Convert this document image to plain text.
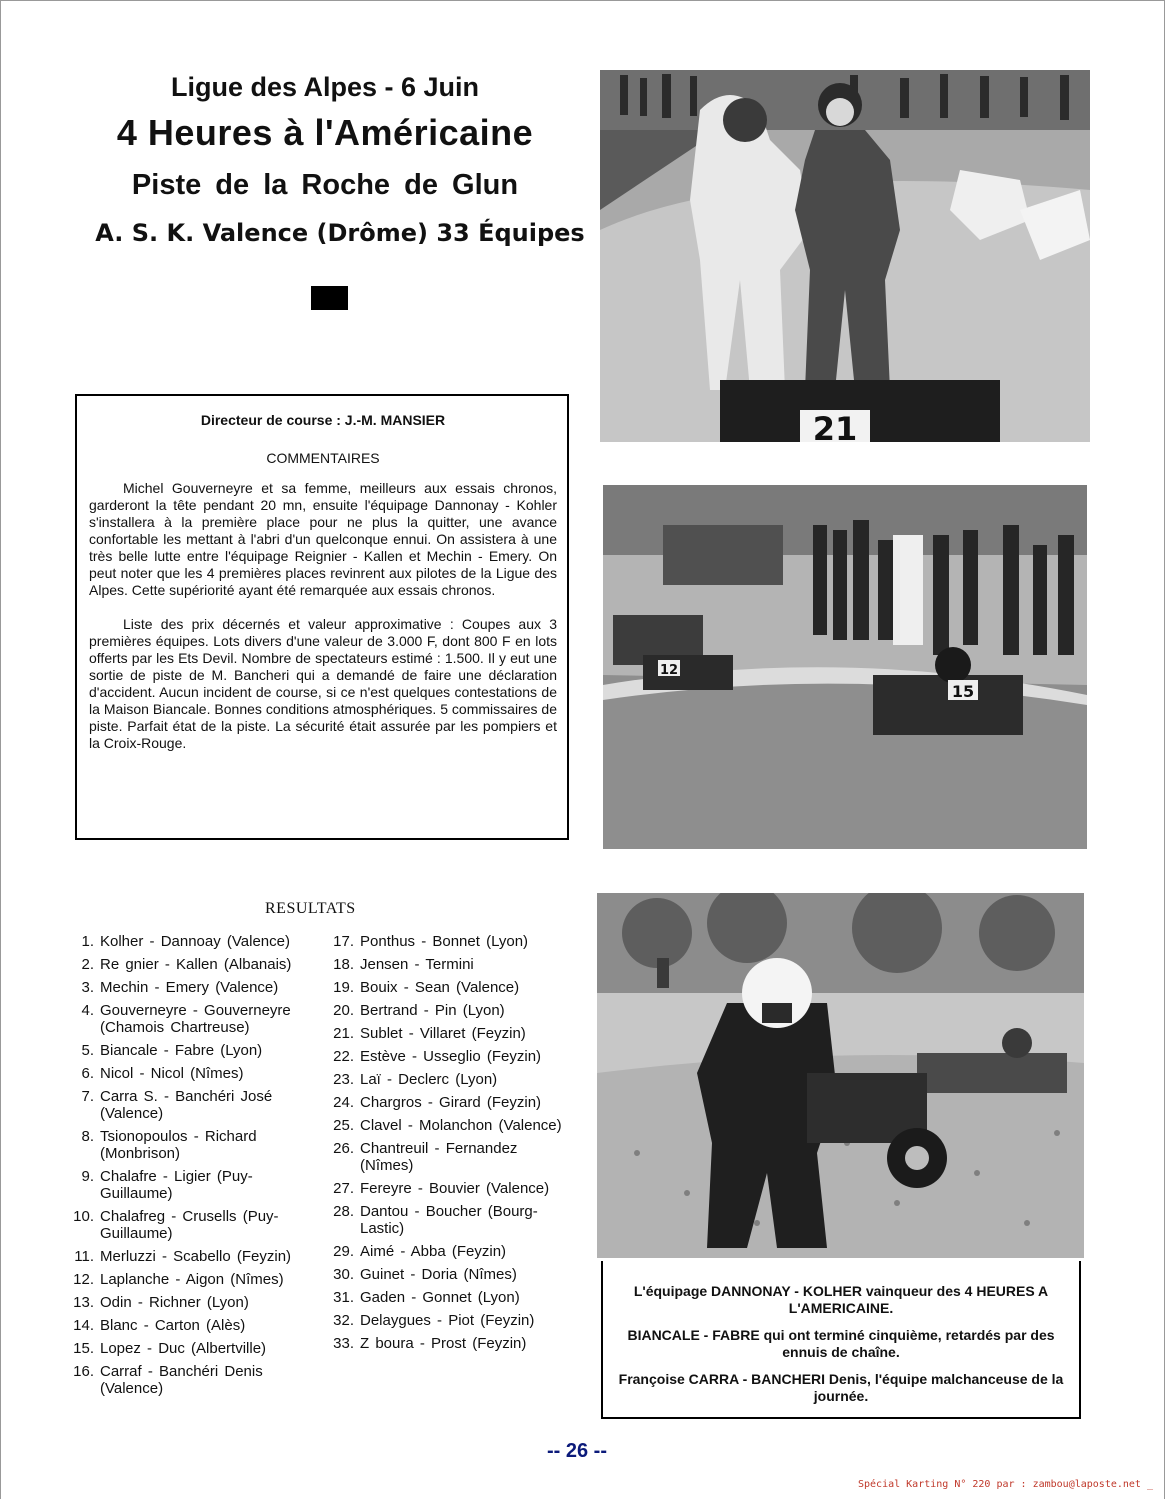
Ligue des Alpes - 6 Juin
4 Heures à l'Américaine
Piste de la Roche de Glun
A. S. K. Valence (Drôme) 33 Équipes
Directeur de course : J.-M. MANSIER
COMMENTAIRES

Michel Gouverneyre et sa femme, meilleurs aux essais chronos, garderont la tête pendant 20 mn, ensuite l'équipage Dannonay - Kohler s'installera à la première place pour ne plus la quitter, une avance confortable les mettant à l'abri d'un quelconque ennui. On assistera à une très belle lutte entre l'équipage Reignier - Kallen et Mechin - Emery. On peut noter que les 4 premières places revinrent aux pilotes de la Ligue des Alpes. Cette supériorité ayant été remarquée aux essais chronos.

Liste des prix décernés et valeur approximative : Coupes aux 3 premières équipes. Lots divers d'une valeur de 3.000 F, dont 800 F en lots offerts par les Ets Devil. Nombre de spectateurs estimé : 1.500. Il y eut une sortie de piste de M. Bancheri qui a demandé de faire une déclaration d'accident. Aucun incident de course, si ce n'est quelques contestations de la Maison Biancale. Bonnes conditions atmosphériques. 5 commissaires de piste. Parfait état de la piste. La sécurité était assurée par les pompiers et la Croix-Rouge.

RESULTATS
1. Kolher - Dannoay (Valence)
2. Re gnier - Kallen (Albanais)
3. Mechin - Emery (Valence)
4. Gouverneyre - Gouverneyre (Chamois Chartreuse)
5. Biancale - Fabre (Lyon)
6. Nicol - Nicol (Nîmes)
7. Carra S. - Banchéri José (Valence)
8. Tsionopoulos - Richard (Monbrison)
9. Chalafre - Ligier (Puy-Guillaume)
10. Chalafreg - Crusells (Puy-Guillaume)
11. Merluzzi - Scabello (Feyzin)
12. Laplanche - Aigon (Nîmes)
13. Odin - Richner (Lyon)
14. Blanc - Carton (Alès)
15. Lopez - Duc (Albertville)
16. Carraf - Banchéri Denis (Valence)
17. Ponthus - Bonnet (Lyon)
18. Jensen - Termini
19. Bouix - Sean (Valence)
20. Bertrand - Pin (Lyon)
21. Sublet - Villaret (Feyzin)
22. Estève - Usseglio (Feyzin)
23. Laï - Declerc (Lyon)
24. Chargros - Girard (Feyzin)
25. Clavel - Molanchon (Valence)
26. Chantreuil - Fernandez (Nîmes)
27. Fereyre - Bouvier (Valence)
28. Dantou - Boucher (Bourg-Lastic)
29. Aimé - Abba (Feyzin)
30. Guinet - Doria (Nîmes)
31. Gaden - Gonnet (Lyon)
32. Delaygues - Piot (Feyzin)
33. Z boura - Prost (Feyzin)
21
12
15

L'équipage DANNONAY - KOLHER vainqueur des 4 HEURES A L'AMERICAINE.

BIANCALE - FABRE qui ont terminé cinquième, retardés par des ennuis de chaîne.

Françoise CARRA - BANCHERI Denis, l'équipe malchanceuse de la journée.

-- 26 --
Spécial Karting N° 220 par : zambou@laposte.net _
